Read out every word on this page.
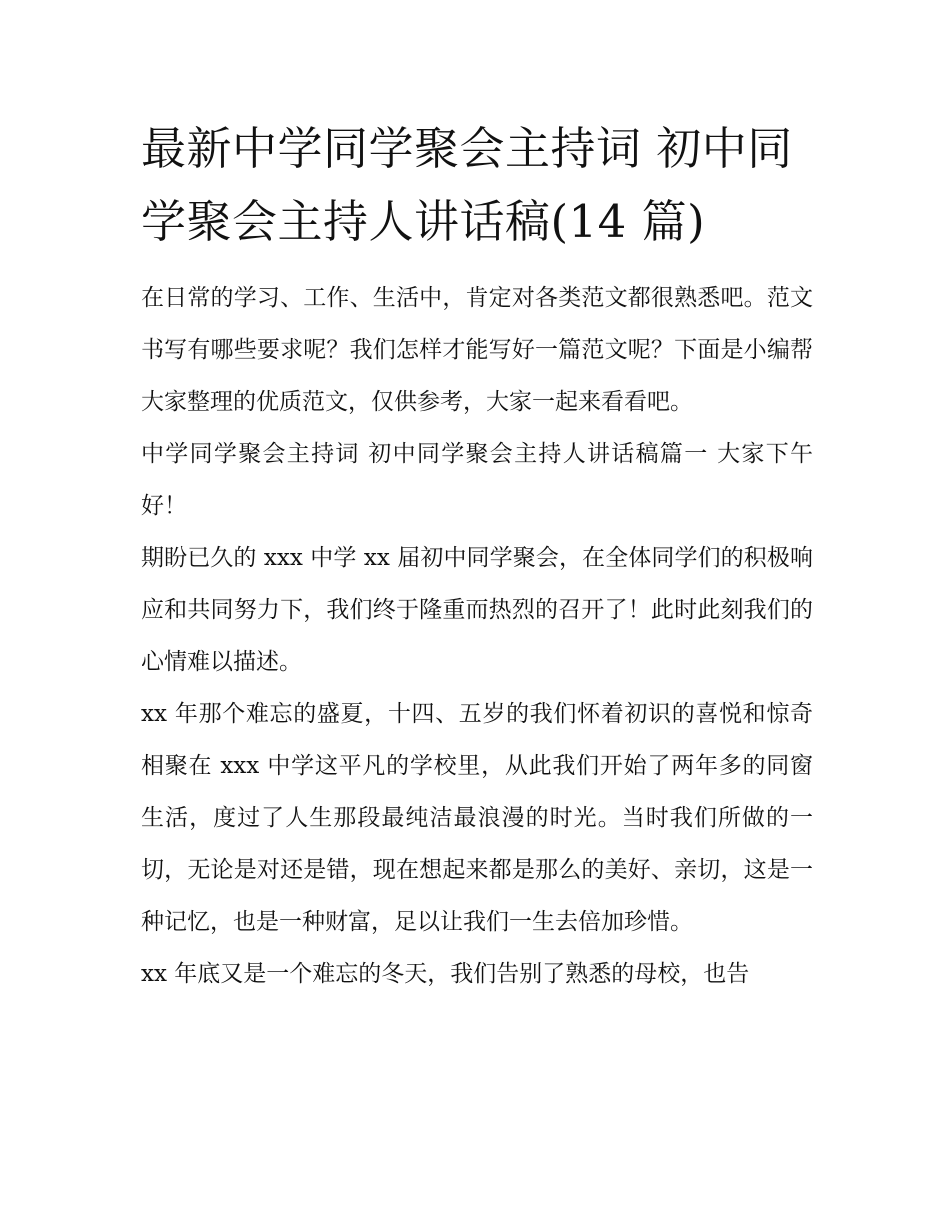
最新中学同学聚会主持词 初中同学聚会主持人讲话稿(14 篇)

在日常的学习、工作、生活中，肯定对各类范文都很熟悉吧。范文书写有哪些要求呢？我们怎样才能写好一篇范文呢？下面是小编帮大家整理的优质范文，仅供参考，大家一起来看看吧。

中学同学聚会主持词 初中同学聚会主持人讲话稿篇一 大家下午好！

期盼已久的 xxx 中学 xx 届初中同学聚会，在全体同学们的积极响应和共同努力下，我们终于隆重而热烈的召开了！此时此刻我们的心情难以描述。

xx 年那个难忘的盛夏，十四、五岁的我们怀着初识的喜悦和惊奇相聚在 xxx 中学这平凡的学校里，从此我们开始了两年多的同窗生活，度过了人生那段最纯洁最浪漫的时光。当时我们所做的一切，无论是对还是错，现在想起来都是那么的美好、亲切，这是一种记忆，也是一种财富，足以让我们一生去倍加珍惜。

xx 年底又是一个难忘的冬天，我们告别了熟悉的母校，也告
